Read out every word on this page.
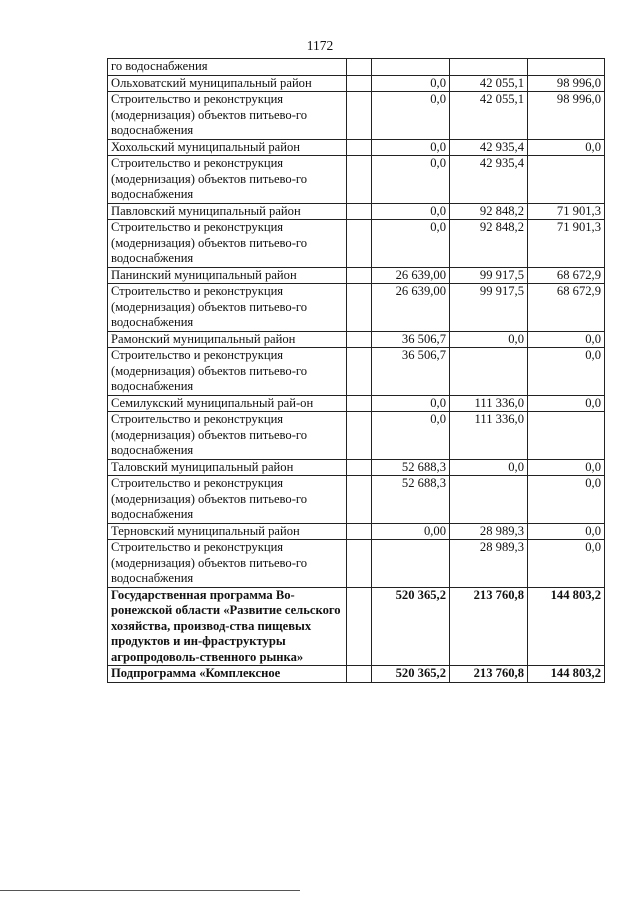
1172
го водоснабжения				
Ольховатский муниципальный район		0,0	42 055,1	98 996,0
Строительство и реконструкция (модернизация) объектов питьево-го водоснабжения		0,0	42 055,1	98 996,0
Хохольский муниципальный район		0,0	42 935,4	0,0
Строительство и реконструкция (модернизация) объектов питьево-го водоснабжения		0,0	42 935,4	
Павловский муниципальный район		0,0	92 848,2	71 901,3
Строительство и реконструкция (модернизация) объектов питьево-го водоснабжения		0,0	92 848,2	71 901,3
Панинский муниципальный район		26 639,00	99 917,5	68 672,9
Строительство и реконструкция (модернизация) объектов питьево-го водоснабжения		26 639,00	99 917,5	68 672,9
Рамонский муниципальный район		36 506,7	0,0	0,0
Строительство и реконструкция (модернизация) объектов питьево-го водоснабжения		36 506,7		0,0
Семилукский муниципальный рай-он		0,0	111 336,0	0,0
Строительство и реконструкция (модернизация) объектов питьево-го водоснабжения		0,0	111 336,0	
Таловский муниципальный район		52 688,3	0,0	0,0
Строительство и реконструкция (модернизация) объектов питьево-го водоснабжения		52 688,3		0,0
Терновский муниципальный район		0,00	28 989,3	0,0
Строительство и реконструкция (модернизация) объектов питьево-го водоснабжения			28 989,3	0,0
Государственная программа Во-ронежской области «Развитие сельского хозяйства, производ-ства пищевых продуктов и ин-фраструктуры агропродоволь-ственного рынка»		520 365,2	213 760,8	144 803,2
Подпрограмма «Комплексное		520 365,2	213 760,8	144 803,2
